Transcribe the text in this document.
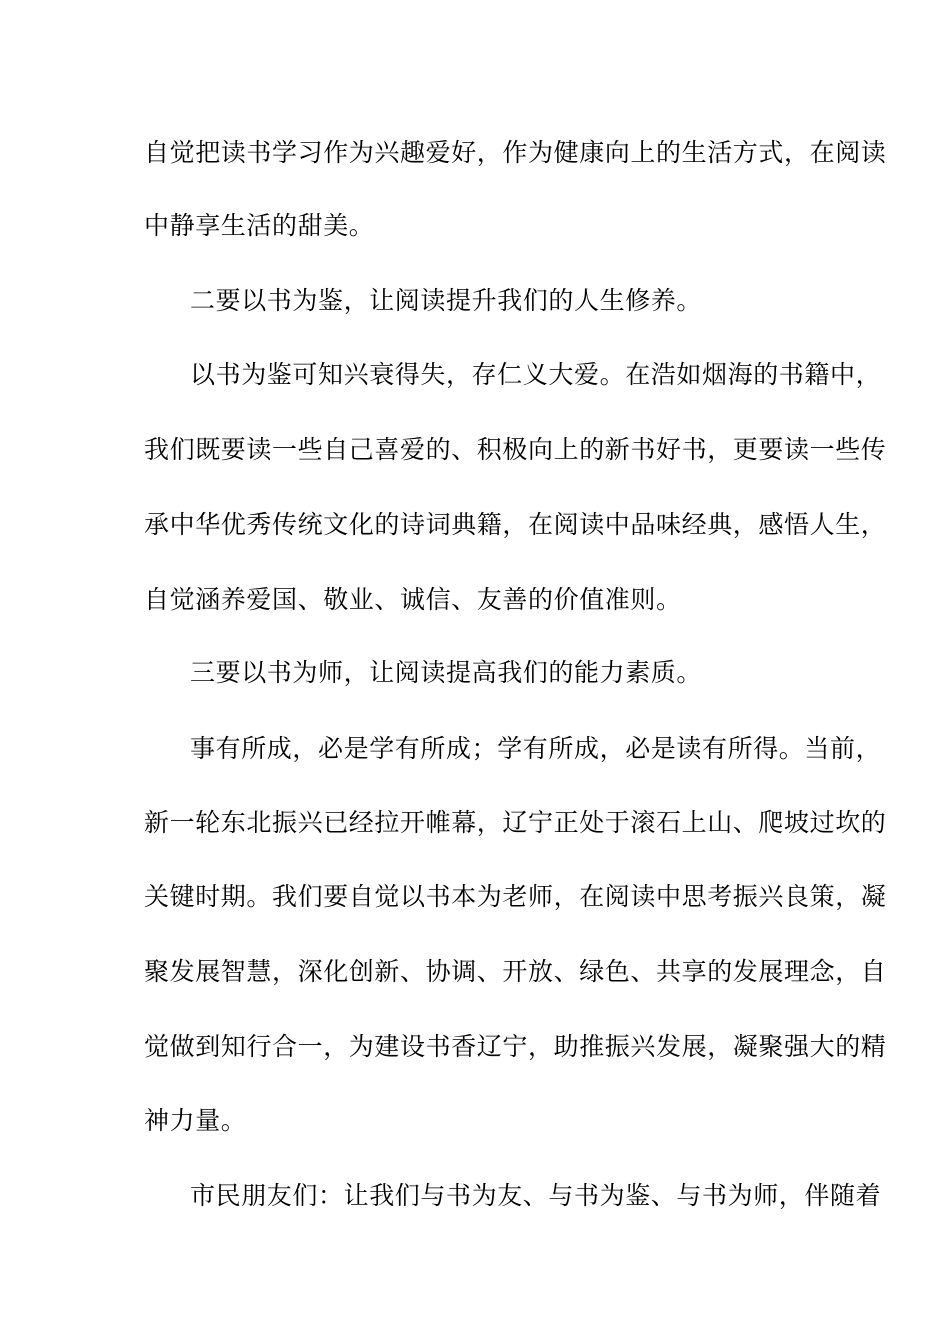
自觉把读书学习作为兴趣爱好，作为健康向上的生活方式，在阅读
中静享生活的甜美。
二要以书为鉴，让阅读提升我们的人生修养。
以书为鉴可知兴衰得失，存仁义大爱。在浩如烟海的书籍中，
我们既要读一些自己喜爱的、积极向上的新书好书，更要读一些传
承中华优秀传统文化的诗词典籍，在阅读中品味经典，感悟人生，
自觉涵养爱国、敬业、诚信、友善的价值准则。
三要以书为师，让阅读提高我们的能力素质。
事有所成，必是学有所成；学有所成，必是读有所得。当前，
新一轮东北振兴已经拉开帷幕，辽宁正处于滚石上山、爬坡过坎的
关键时期。我们要自觉以书本为老师，在阅读中思考振兴良策，凝
聚发展智慧，深化创新、协调、开放、绿色、共享的发展理念，自
觉做到知行合一，为建设书香辽宁，助推振兴发展，凝聚强大的精
神力量。
市民朋友们：让我们与书为友、与书为鉴、与书为师，伴随着
